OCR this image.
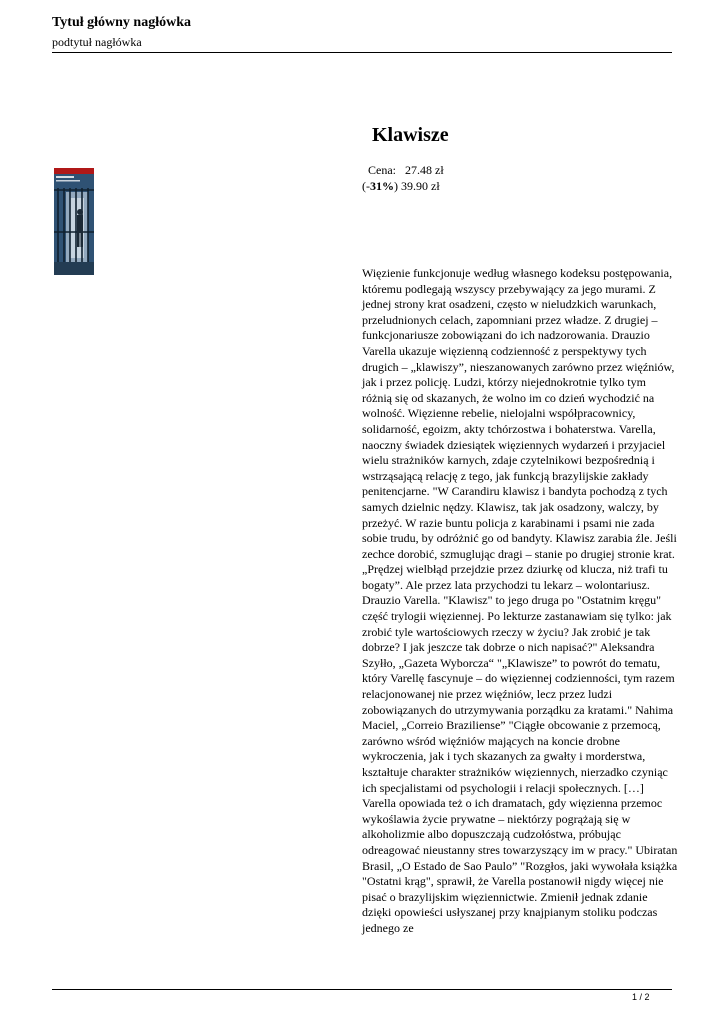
Tytuł główny nagłówka
podtytuł nagłówka
Klawisze
Cena: 27.48 zł
(-31%) 39.90 zł

Więzienie funkcjonuje według własnego kodeksu postępowania, któremu podlegają wszyscy przebywający za jego murami. Z jednej strony krat osadzeni, często w nieludzkich warunkach, przeludnionych celach, zapomniani przez władze. Z drugiej – funkcjonariusze zobowiązani do ich nadzorowania. Drauzio Varella ukazuje więzienną codzienność z perspektywy tych drugich – „klawiszy”, nieszanowanych zarówno przez więźniów, jak i przez policję. Ludzi, którzy niejednokrotnie tylko tym różnią się od skazanych, że wolno im co dzień wychodzić na wolność. Więzienne rebelie, nielojalni współpracownicy, solidarność, egoizm, akty tchórzostwa i bohaterstwa. Varella, naoczny świadek dziesiątek więziennych wydarzeń i przyjaciel wielu strażników karnych, zdaje czytelnikowi bezpośrednią i wstrząsającą relację z tego, jak funkcją brazylijskie zakłady penitencjarne. "W Carandiru klawisz i bandyta pochodzą z tych samych dzielnic nędzy. Klawisz, tak jak osadzony, walczy, by przeżyć. W razie buntu policja z karabinami i psami nie zada sobie trudu, by odróżnić go od bandyty. Klawisz zarabia źle. Jeśli zechce dorobić, szmuglując dragi – stanie po drugiej stronie krat. „Prędzej wielbłąd przejdzie przez dziurkę od klucza, niż trafi tu bogaty”. Ale przez lata przychodzi tu lekarz – wolontariusz. Drauzio Varella. "Klawisz" to jego druga po "Ostatnim kręgu" część trylogii więziennej. Po lekturze zastanawiam się tylko: jak zrobić tyle wartościowych rzeczy w życiu? Jak zrobić je tak dobrze? I jak jeszcze tak dobrze o nich napisać?" Aleksandra Szyłło, „Gazeta Wyborcza“ "„Klawisze” to powrót do tematu, który Varellę fascynuje – do więziennej codzienności, tym razem relacjonowanej nie przez więźniów, lecz przez ludzi zobowiązanych do utrzymywania porządku za kratami." Nahima Maciel, „Correio Braziliense” "Ciągłe obcowanie z przemocą, zarówno wśród więźniów mających na koncie drobne wykroczenia, jak i tych skazanych za gwałty i morderstwa, kształtuje charakter strażników więziennych, nierzadko czyniąc ich specjalistami od psychologii i relacji społecznych. […] Varella opowiada też o ich dramatach, gdy więzienna przemoc wykoślawia życie prywatne – niektórzy pogrążają się w alkoholizmie albo dopuszczają cudzołóstwa, próbując odreagować nieustanny stres towarzyszący im w pracy." Ubiratan Brasil, „O Estado de Sao Paulo” "Rozgłos, jaki wywołała książka "Ostatni krąg", sprawił, że Varella postanowił nigdy więcej nie pisać o brazylijskim więziennictwie. Zmienił jednak zdanie dzięki opowieści usłyszanej przy knajpianym stoliku podczas jednego ze

1 / 2
